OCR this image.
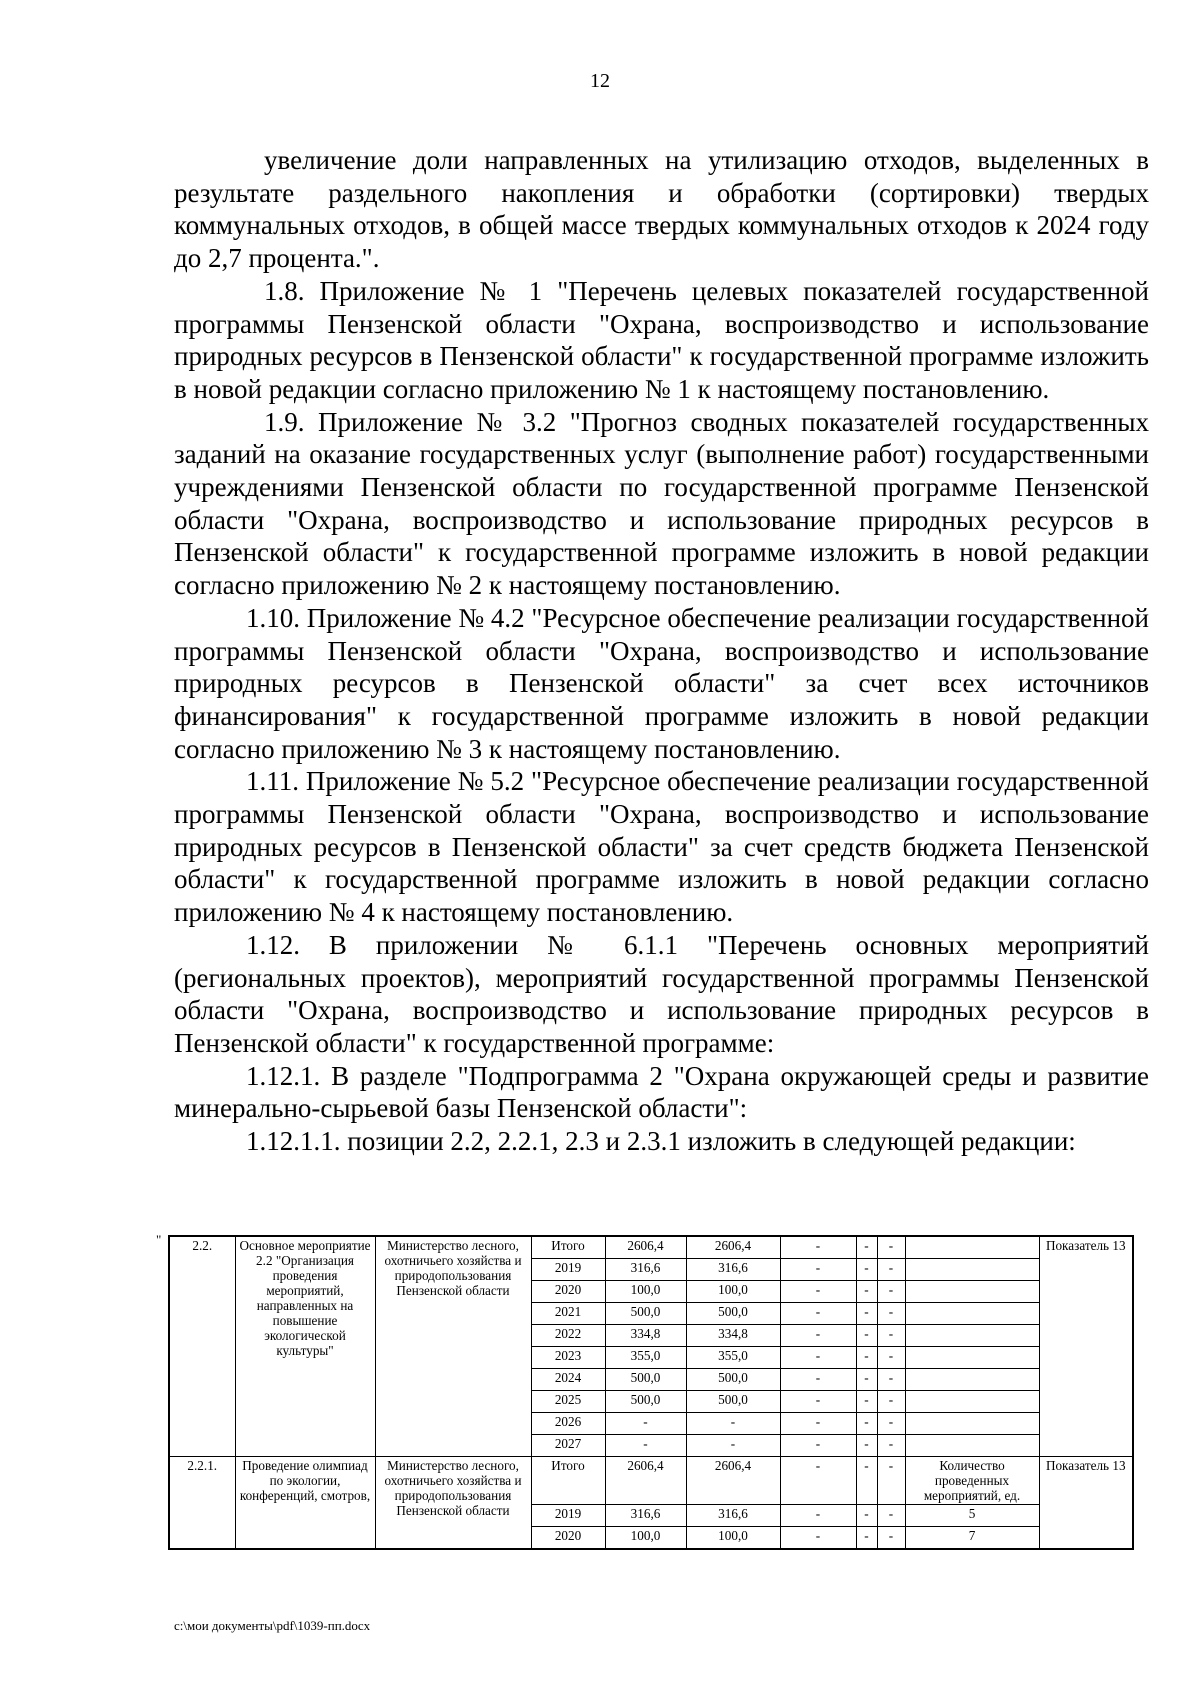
12

увеличение доли направленных на утилизацию отходов, выделенных в результате раздельного накопления и обработки (сортировки) твердых коммунальных отходов, в общей массе твердых коммунальных отходов к 2024 году до 2,7 процента.".

1.8. Приложение № 1 "Перечень целевых показателей государственной программы Пензенской области "Охрана, воспроизводство и использование природных ресурсов в Пензенской области" к государственной программе изложить в новой редакции согласно приложению № 1 к настоящему постановлению.

1.9. Приложение № 3.2 "Прогноз сводных показателей государственных заданий на оказание государственных услуг (выполнение работ) государственными учреждениями Пензенской области по государственной программе Пензенской области "Охрана, воспроизводство и использование природных ресурсов в Пензенской области" к государственной программе изложить в новой редакции согласно приложению № 2 к настоящему постановлению.

1.10. Приложение № 4.2 "Ресурсное обеспечение реализации государственной программы Пензенской области "Охрана, воспроизводство и использование природных ресурсов в Пензенской области" за счет всех источников финансирования" к государственной программе изложить в новой редакции согласно приложению № 3 к настоящему постановлению.

1.11. Приложение № 5.2 "Ресурсное обеспечение реализации государственной программы Пензенской области "Охрана, воспроизводство и использование природных ресурсов в Пензенской области" за счет средств бюджета Пензенской области" к государственной программе изложить в новой редакции согласно приложению № 4 к настоящему постановлению.

1.12. В приложении № 6.1.1 "Перечень основных мероприятий (региональных проектов), мероприятий государственной программы Пензенской области "Охрана, воспроизводство и использование природных ресурсов в Пензенской области" к государственной программе:

1.12.1. В разделе "Подпрограмма 2 "Охрана окружающей среды и развитие минерально-сырьевой базы Пензенской области":

1.12.1.1. позиции 2.2, 2.2.1, 2.3 и 2.3.1 изложить в следующей редакции:

" 2.2.	Основное мероприятие 2.2 "Организация проведения мероприятий, направленных на повышение экологической культуры"	Министерство лесного, охотничьего хозяйства и природопользования Пензенской области	Итого	2606,4	2606,4	-	-	-		Показатель 13
			2019	316,6	316,6	-	-	-		
			2020	100,0	100,0	-	-	-		
			2021	500,0	500,0	-	-	-		
			2022	334,8	334,8	-	-	-		
			2023	355,0	355,0	-	-	-		
			2024	500,0	500,0	-	-	-		
			2025	500,0	500,0	-	-	-		
			2026	-	-	-	-	-		
			2027	-	-	-	-	-		
2.2.1.	Проведение олимпиад по экологии, конференций, смотров,	Министерство лесного, охотничьего хозяйства и природопользования Пензенской области	Итого	2606,4	2606,4	-	-	-	Количество проведенных мероприятий, ед.	Показатель 13
			2019	316,6	316,6	-	-	-	5	
			2020	100,0	100,0	-	-	-	7	
с:\мои документы\pdf\1039-пп.docx
